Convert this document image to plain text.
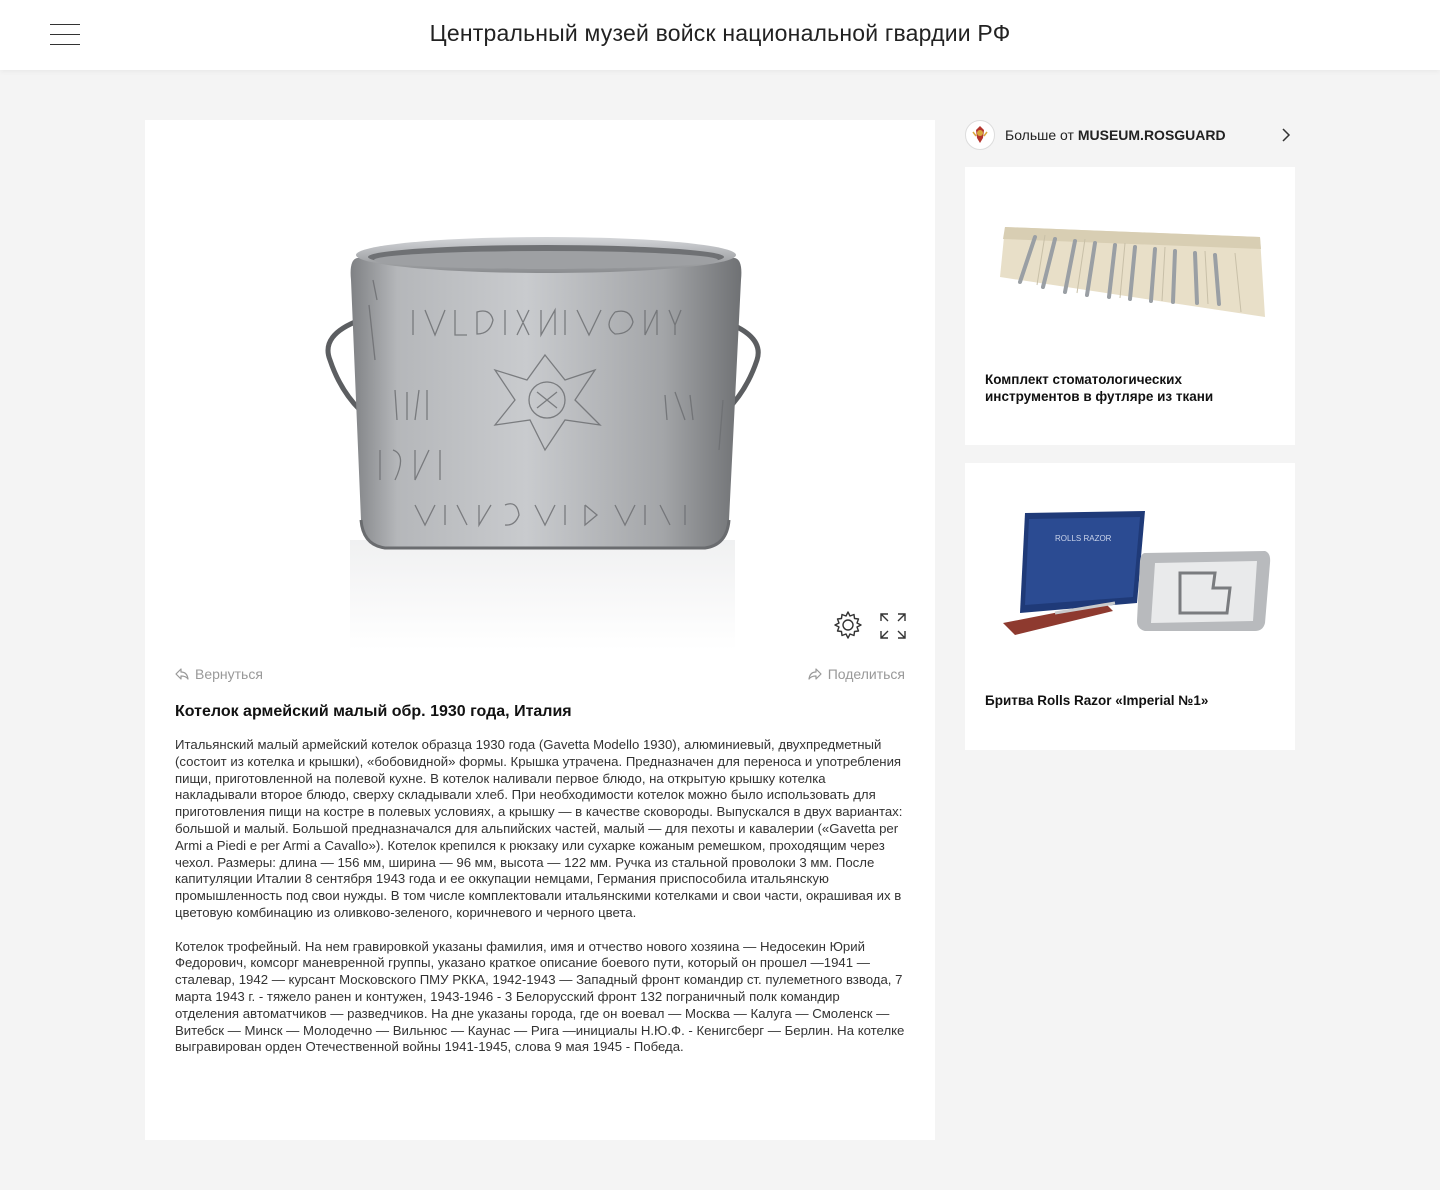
Центральный музей войск национальной гвардии РФ
Вернуться	Поделиться
Котелок армейский малый обр. 1930 года, Италия

Итальянский малый армейский котелок образца 1930 года (Gavetta Modello 1930), алюминиевый, двухпредметный (состоит из котелка и крышки), «бобовидной» формы. Крышка утрачена. Предназначен для переноса и употребления пищи, приготовленной на полевой кухне. В котелок наливали первое блюдо, на открытую крышку котелка накладывали второе блюдо, сверху складывали хлеб. При необходимости котелок можно было использовать для приготовления пищи на костре в полевых условиях, а крышку — в качестве сковороды. Выпускался в двух вариантах: большой и малый. Большой предназначался для альпийских частей, малый — для пехоты и кавалерии («Gavetta per Armi a Piedi e per Armi a Cavallo»). Котелок крепился к рюкзаку или сухарке кожаным ремешком, проходящим через чехол. Размеры: длина — 156 мм, ширина — 96 мм, высота — 122 мм. Ручка из стальной проволоки 3 мм. После капитуляции Италии 8 сентября 1943 года и ее оккупации немцами, Германия приспособила итальянскую промышленность под свои нужды. В том числе комплектовали итальянскими котелками и свои части, окрашивая их в цветовую комбинацию из оливково-зеленого, коричневого и черного цвета.

Котелок трофейный. На нем гравировкой указаны фамилия, имя и отчество нового хозяина — Недосекин Юрий Федорович, комсорг маневренной группы, указано краткое описание боевого пути, который он прошел —1941 — сталевар, 1942 — курсант Московского ПМУ РККА, 1942-1943 — Западный фронт командир ст. пулеметного взвода, 7 марта 1943 г. - тяжело ранен и контужен, 1943-1946 - 3 Белорусский фронт 132 пограничный полк командир отделения автоматчиков — разведчиков. На дне указаны города, где он воевал — Москва — Калуга — Смоленск — Витебск — Минск — Молодечно — Вильнюс — Каунас — Рига —инициалы Н.Ю.Ф. - Кенигсберг — Берлин. На котелке выгравирован орден Отечественной войны 1941-1945, слова 9 мая 1945 - Победа.

Больше от MUSEUM.ROSGUARD
Комплект стоматологических инструментов в футляре из ткани
ROLLS RAZOR
Бритва Rolls Razor «Imperial №1»
